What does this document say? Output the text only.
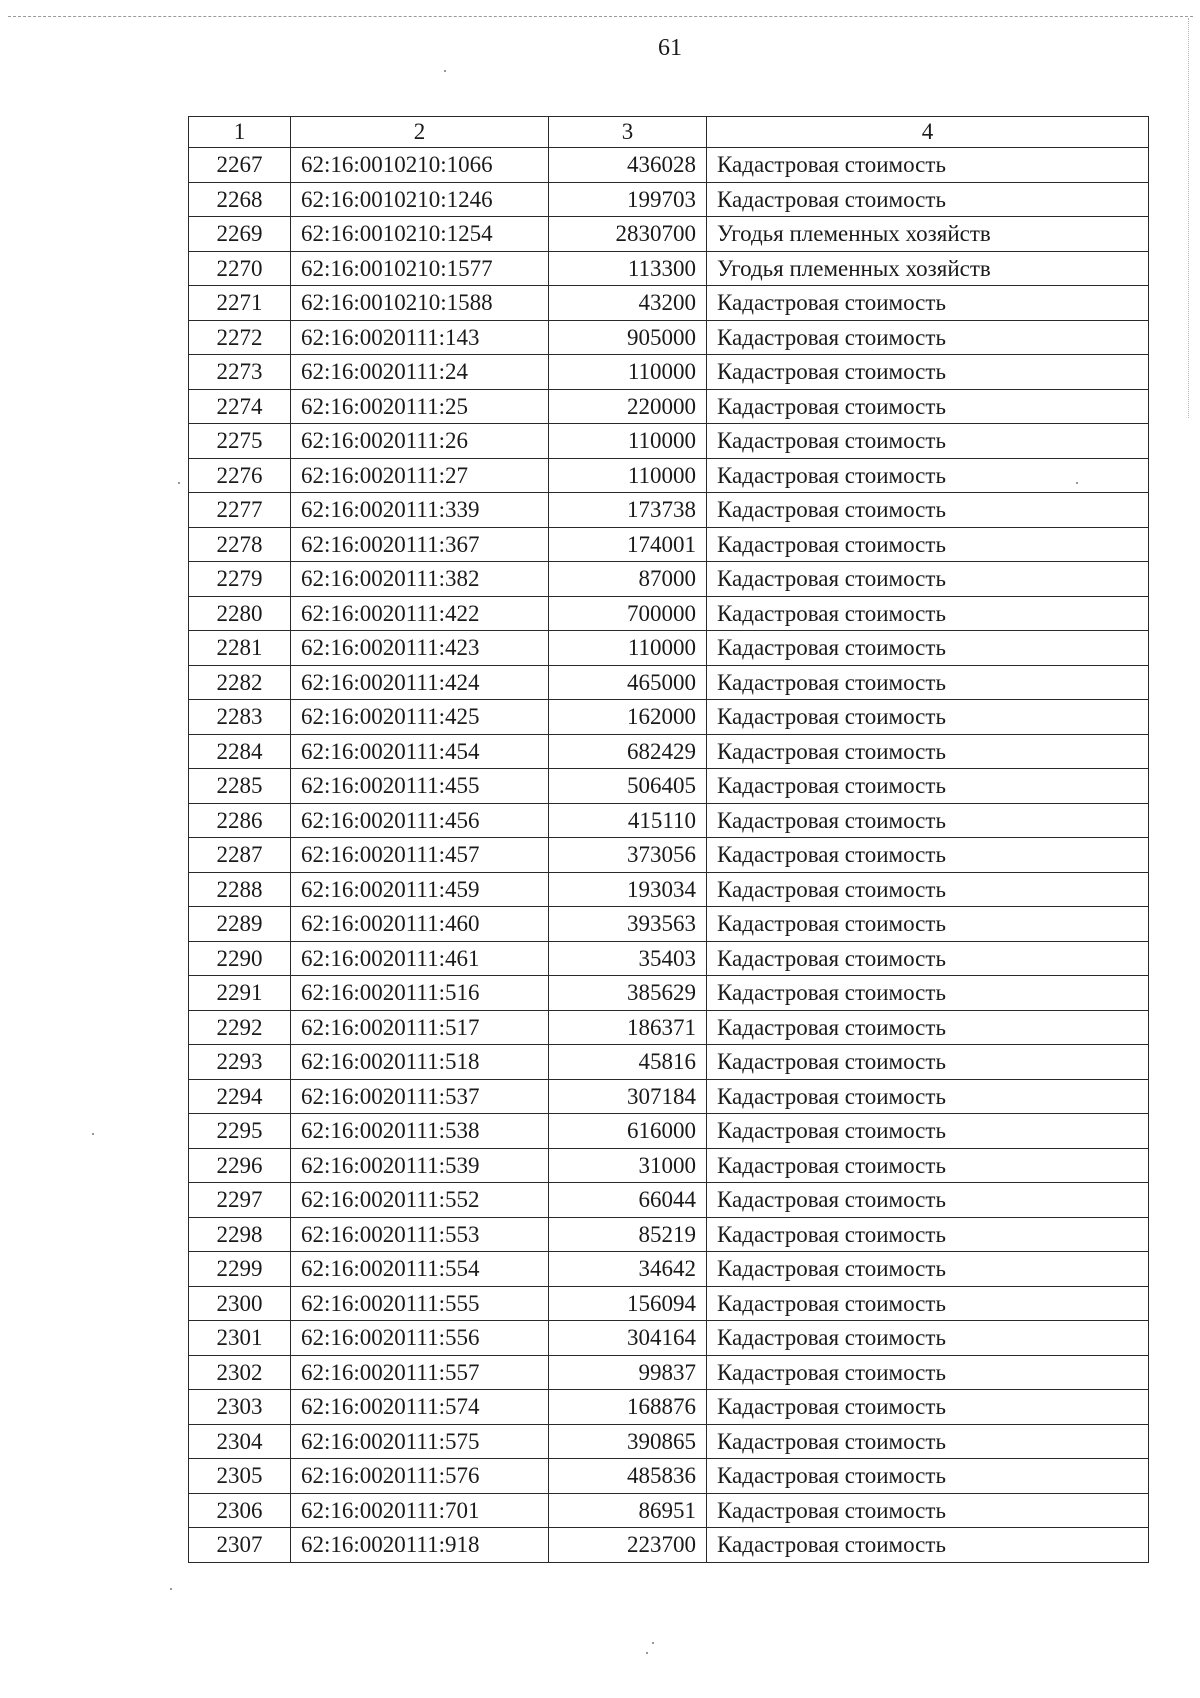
61
1	2	3	4
2267	62:16:0010210:1066	436028	Кадастровая стоимость
2268	62:16:0010210:1246	199703	Кадастровая стоимость
2269	62:16:0010210:1254	2830700	Угодья племенных хозяйств
2270	62:16:0010210:1577	113300	Угодья племенных хозяйств
2271	62:16:0010210:1588	43200	Кадастровая стоимость
2272	62:16:0020111:143	905000	Кадастровая стоимость
2273	62:16:0020111:24	110000	Кадастровая стоимость
2274	62:16:0020111:25	220000	Кадастровая стоимость
2275	62:16:0020111:26	110000	Кадастровая стоимость
2276	62:16:0020111:27	110000	Кадастровая стоимость
2277	62:16:0020111:339	173738	Кадастровая стоимость
2278	62:16:0020111:367	174001	Кадастровая стоимость
2279	62:16:0020111:382	87000	Кадастровая стоимость
2280	62:16:0020111:422	700000	Кадастровая стоимость
2281	62:16:0020111:423	110000	Кадастровая стоимость
2282	62:16:0020111:424	465000	Кадастровая стоимость
2283	62:16:0020111:425	162000	Кадастровая стоимость
2284	62:16:0020111:454	682429	Кадастровая стоимость
2285	62:16:0020111:455	506405	Кадастровая стоимость
2286	62:16:0020111:456	415110	Кадастровая стоимость
2287	62:16:0020111:457	373056	Кадастровая стоимость
2288	62:16:0020111:459	193034	Кадастровая стоимость
2289	62:16:0020111:460	393563	Кадастровая стоимость
2290	62:16:0020111:461	35403	Кадастровая стоимость
2291	62:16:0020111:516	385629	Кадастровая стоимость
2292	62:16:0020111:517	186371	Кадастровая стоимость
2293	62:16:0020111:518	45816	Кадастровая стоимость
2294	62:16:0020111:537	307184	Кадастровая стоимость
2295	62:16:0020111:538	616000	Кадастровая стоимость
2296	62:16:0020111:539	31000	Кадастровая стоимость
2297	62:16:0020111:552	66044	Кадастровая стоимость
2298	62:16:0020111:553	85219	Кадастровая стоимость
2299	62:16:0020111:554	34642	Кадастровая стоимость
2300	62:16:0020111:555	156094	Кадастровая стоимость
2301	62:16:0020111:556	304164	Кадастровая стоимость
2302	62:16:0020111:557	99837	Кадастровая стоимость
2303	62:16:0020111:574	168876	Кадастровая стоимость
2304	62:16:0020111:575	390865	Кадастровая стоимость
2305	62:16:0020111:576	485836	Кадастровая стоимость
2306	62:16:0020111:701	86951	Кадастровая стоимость
2307	62:16:0020111:918	223700	Кадастровая стоимость
